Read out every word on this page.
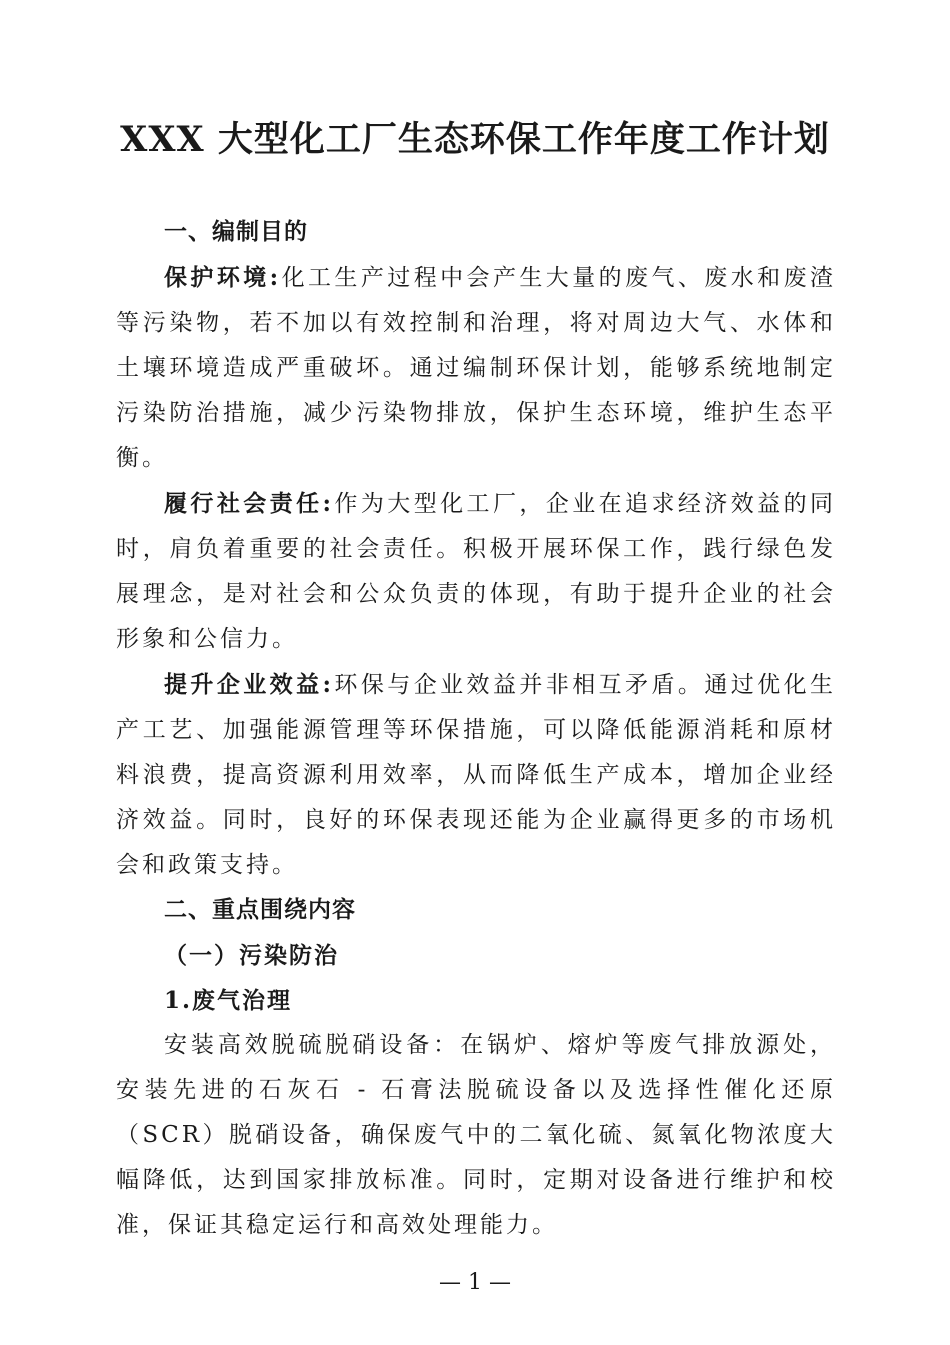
XXX 大型化工厂生态环保工作年度工作计划

一、编制目的

保护环境:化工生产过程中会产生大量的废气、废水和废渣等污染物，若不加以有效控制和治理，将对周边大气、水体和土壤环境造成严重破坏。通过编制环保计划，能够系统地制定污染防治措施，减少污染物排放，保护生态环境，维护生态平衡。

履行社会责任:作为大型化工厂，企业在追求经济效益的同时，肩负着重要的社会责任。积极开展环保工作，践行绿色发展理念，是对社会和公众负责的体现，有助于提升企业的社会形象和公信力。

提升企业效益:环保与企业效益并非相互矛盾。通过优化生产工艺、加强能源管理等环保措施，可以降低能源消耗和原材料浪费，提高资源利用效率，从而降低生产成本，增加企业经济效益。同时，良好的环保表现还能为企业赢得更多的市场机会和政策支持。

二、重点围绕内容

（一）污染防治

1.废气治理

安装高效脱硫脱硝设备：在锅炉、熔炉等废气排放源处，安装先进的石灰石 - 石膏法脱硫设备以及选择性催化还原（SCR）脱硝设备，确保废气中的二氧化硫、氮氧化物浓度大幅降低，达到国家排放标准。同时，定期对设备进行维护和校准，保证其稳定运行和高效处理能力。

— 1 —
